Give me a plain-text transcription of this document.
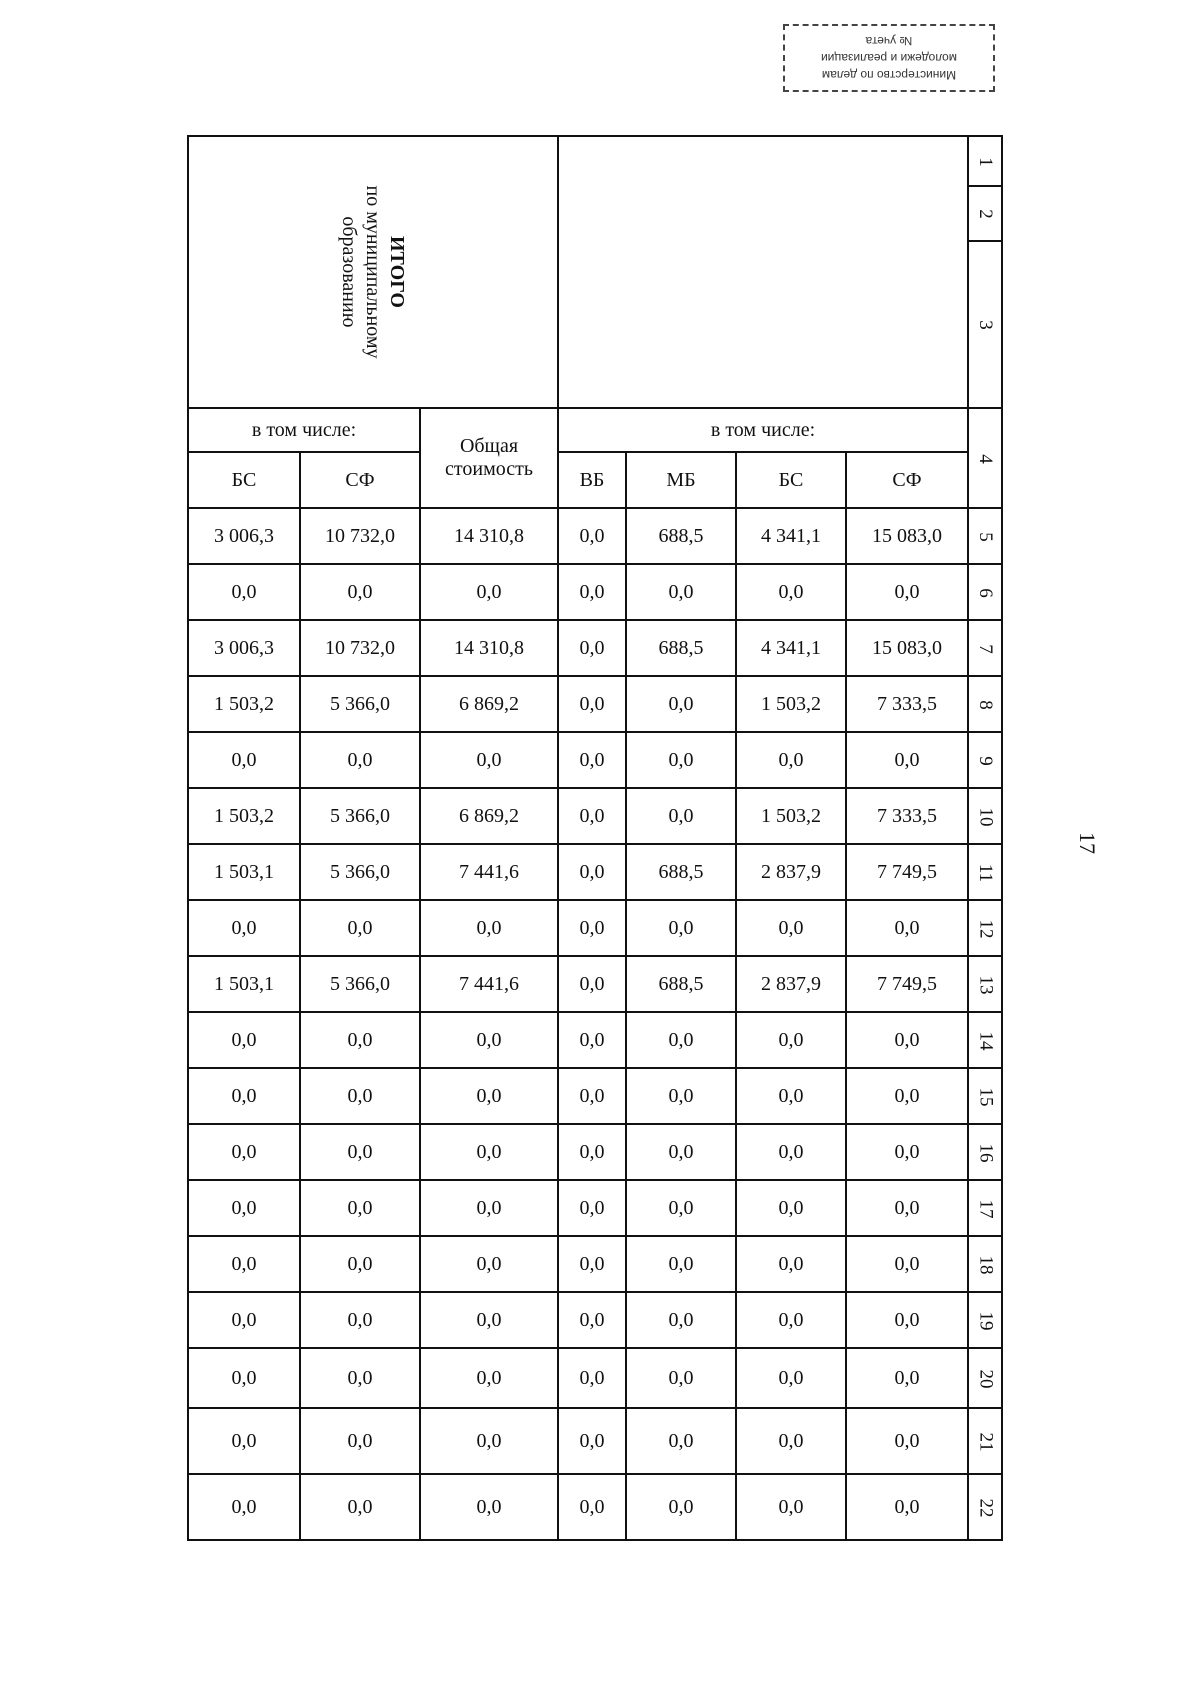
Министерство по делам
молодежи и реализации
№ учета
17
ИТОГО
по муниципальному
образованию							1
							2
							3
в том числе:		Общая
стоимость	в том числе:				4
БС	СФ		ВБ	МБ	БС	СФ	
3 006,3	10 732,0	14 310,8	0,0	688,5	4 341,1	15 083,0	5
0,0	0,0	0,0	0,0	0,0	0,0	0,0	6
3 006,3	10 732,0	14 310,8	0,0	688,5	4 341,1	15 083,0	7
1 503,2	5 366,0	6 869,2	0,0	0,0	1 503,2	7 333,5	8
0,0	0,0	0,0	0,0	0,0	0,0	0,0	9
1 503,2	5 366,0	6 869,2	0,0	0,0	1 503,2	7 333,5	10
1 503,1	5 366,0	7 441,6	0,0	688,5	2 837,9	7 749,5	11
0,0	0,0	0,0	0,0	0,0	0,0	0,0	12
1 503,1	5 366,0	7 441,6	0,0	688,5	2 837,9	7 749,5	13
0,0	0,0	0,0	0,0	0,0	0,0	0,0	14
0,0	0,0	0,0	0,0	0,0	0,0	0,0	15
0,0	0,0	0,0	0,0	0,0	0,0	0,0	16
0,0	0,0	0,0	0,0	0,0	0,0	0,0	17
0,0	0,0	0,0	0,0	0,0	0,0	0,0	18
0,0	0,0	0,0	0,0	0,0	0,0	0,0	19
0,0	0,0	0,0	0,0	0,0	0,0	0,0	20
0,0	0,0	0,0	0,0	0,0	0,0	0,0	21
0,0	0,0	0,0	0,0	0,0	0,0	0,0	22
